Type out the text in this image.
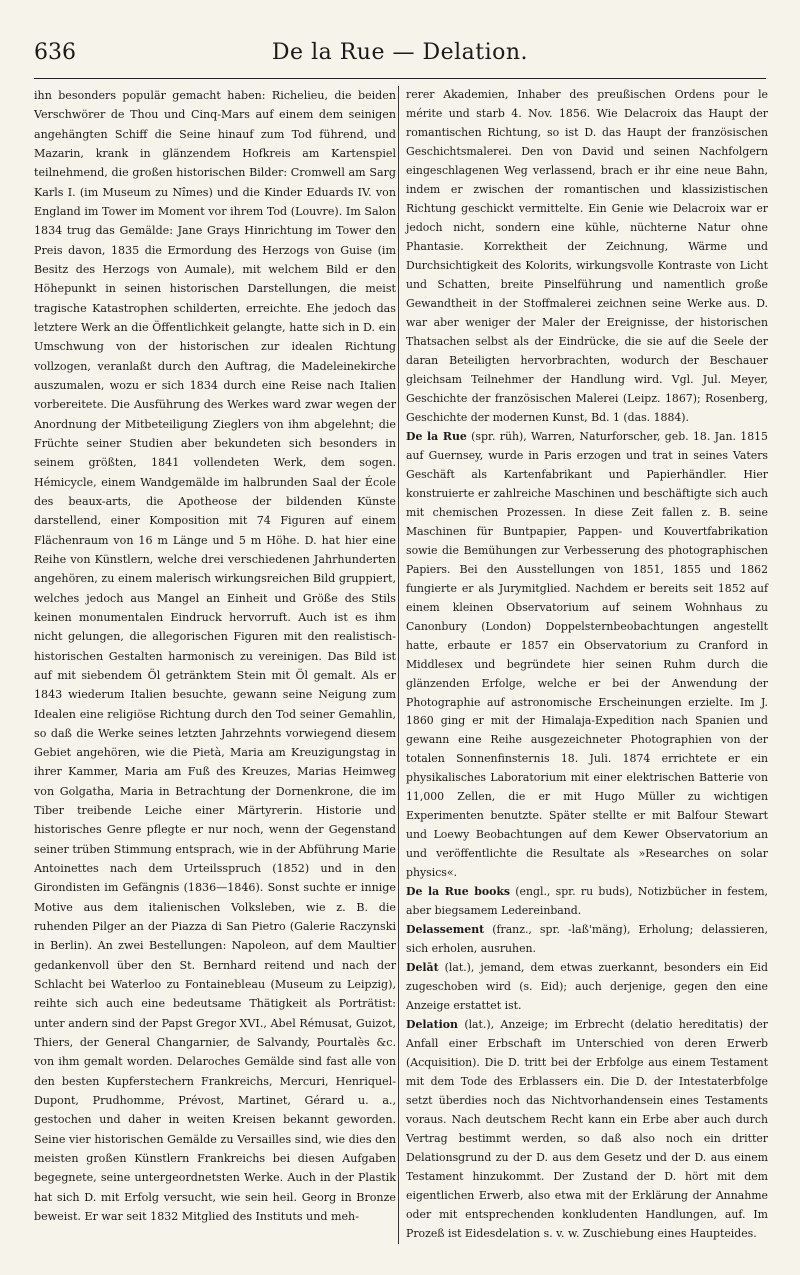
636	De la Rue — Delation.

ihn besonders populär gemacht haben: Richelieu, die beiden Verschwörer de Thou und Cinq-Mars auf einem dem seinigen angehängten Schiff die Seine hinauf zum Tod führend, und Mazarin, krank in glänzendem Hofkreis am Kartenspiel teilnehmend, die großen historischen Bilder: Cromwell am Sarg Karls I. (im Museum zu Nîmes) und die Kinder Eduards IV. von England im Tower im Moment vor ihrem Tod (Louvre). Im Salon 1834 trug das Gemälde: Jane Grays Hinrichtung im Tower den Preis davon, 1835 die Ermordung des Herzogs von Guise (im Besitz des Herzogs von Aumale), mit welchem Bild er den Höhepunkt in seinen historischen Darstellungen, die meist tragische Katastrophen schilderten, erreichte. Ehe jedoch das letztere Werk an die Öffentlichkeit gelangte, hatte sich in D. ein Umschwung von der historischen zur idealen Richtung vollzogen, veranlaßt durch den Auftrag, die Madeleinekirche auszumalen, wozu er sich 1834 durch eine Reise nach Italien vorbereitete. Die Ausführung des Werkes ward zwar wegen der Anordnung der Mitbeteiligung Zieglers von ihm abgelehnt; die Früchte seiner Studien aber bekundeten sich besonders in seinem größten, 1841 vollendeten Werk, dem sogen. Hémicycle, einem Wandgemälde im halbrunden Saal der École des beaux-arts, die Apotheose der bildenden Künste darstellend, einer Komposition mit 74 Figuren auf einem Flächenraum von 16 m Länge und 5 m Höhe. D. hat hier eine Reihe von Künstlern, welche drei verschiedenen Jahrhunderten angehören, zu einem malerisch wirkungsreichen Bild gruppiert, welches jedoch aus Mangel an Einheit und Größe des Stils keinen monumentalen Eindruck hervorruft. Auch ist es ihm nicht gelungen, die allegorischen Figuren mit den realistisch-historischen Gestalten harmonisch zu vereinigen. Das Bild ist auf mit siebendem Öl getränktem Stein mit Öl gemalt. Als er 1843 wiederum Italien besuchte, gewann seine Neigung zum Idealen eine religiöse Richtung durch den Tod seiner Gemahlin, so daß die Werke seines letzten Jahrzehnts vorwiegend diesem Gebiet angehören, wie die Pietà, Maria am Kreuzigungstag in ihrer Kammer, Maria am Fuß des Kreuzes, Marias Heimweg von Golgatha, Maria in Betrachtung der Dornenkrone, die im Tiber treibende Leiche einer Märtyrerin. Historie und historisches Genre pflegte er nur noch, wenn der Gegenstand seiner trüben Stimmung entsprach, wie in der Abführung Marie Antoinettes nach dem Urteilsspruch (1852) und in den Girondisten im Gefängnis (1836—1846). Sonst suchte er innige Motive aus dem italienischen Volksleben, wie z. B. die ruhenden Pilger an der Piazza di San Pietro (Galerie Raczynski in Berlin). An zwei Bestellungen: Napoleon, auf dem Maultier gedankenvoll über den St. Bernhard reitend und nach der Schlacht bei Waterloo zu Fontainebleau (Museum zu Leipzig), reihte sich auch eine bedeutsame Thätigkeit als Porträtist: unter andern sind der Papst Gregor XVI., Abel Rémusat, Guizot, Thiers, der General Changarnier, de Salvandy, Pourtalès &c. von ihm gemalt worden. Delaroches Gemälde sind fast alle von den besten Kupferstechern Frankreichs, Mercuri, Henriquel-Dupont, Prudhomme, Prévost, Martinet, Gérard u. a., gestochen und daher in weiten Kreisen bekannt geworden. Seine vier historischen Gemälde zu Versailles sind, wie dies den meisten großen Künstlern Frankreichs bei diesen Aufgaben begegnete, seine untergeordnetsten Werke. Auch in der Plastik hat sich D. mit Erfolg versucht, wie sein heil. Georg in Bronze beweist. Er war seit 1832 Mitglied des Instituts und meh-

rerer Akademien, Inhaber des preußischen Ordens pour le mérite und starb 4. Nov. 1856. Wie Delacroix das Haupt der romantischen Richtung, so ist D. das Haupt der französischen Geschichtsmalerei. Den von David und seinen Nachfolgern eingeschlagenen Weg verlassend, brach er ihr eine neue Bahn, indem er zwischen der romantischen und klassizistischen Richtung geschickt vermittelte. Ein Genie wie Delacroix war er jedoch nicht, sondern eine kühle, nüchterne Natur ohne Phantasie. Korrektheit der Zeichnung, Wärme und Durchsichtigkeit des Kolorits, wirkungsvolle Kontraste von Licht und Schatten, breite Pinselführung und namentlich große Gewandtheit in der Stoffmalerei zeichnen seine Werke aus. D. war aber weniger der Maler der Ereignisse, der historischen Thatsachen selbst als der Eindrücke, die sie auf die Seele der daran Beteiligten hervorbrachten, wodurch der Beschauer gleichsam Teilnehmer der Handlung wird. Vgl. Jul. Meyer, Geschichte der französischen Malerei (Leipz. 1867); Rosenberg, Geschichte der modernen Kunst, Bd. 1 (das. 1884).

De la Rue (spr. rüh), Warren, Naturforscher, geb. 18. Jan. 1815 auf Guernsey, wurde in Paris erzogen und trat in seines Vaters Geschäft als Kartenfabrikant und Papierhändler. Hier konstruierte er zahlreiche Maschinen und beschäftigte sich auch mit chemischen Prozessen. In diese Zeit fallen z. B. seine Maschinen für Buntpapier, Pappen- und Kouvertfabrikation sowie die Bemühungen zur Verbesserung des photographischen Papiers. Bei den Ausstellungen von 1851, 1855 und 1862 fungierte er als Jurymitglied. Nachdem er bereits seit 1852 auf einem kleinen Observatorium auf seinem Wohnhaus zu Canonbury (London) Doppelsternbeobachtungen angestellt hatte, erbaute er 1857 ein Observatorium zu Cranford in Middlesex und begründete hier seinen Ruhm durch die glänzenden Erfolge, welche er bei der Anwendung der Photographie auf astronomische Erscheinungen erzielte. Im J. 1860 ging er mit der Himalaja-Expedition nach Spanien und gewann eine Reihe ausgezeichneter Photographien von der totalen Sonnenfinsternis 18. Juli. 1874 errichtete er ein physikalisches Laboratorium mit einer elektrischen Batterie von 11,000 Zellen, die er mit Hugo Müller zu wichtigen Experimenten benutzte. Später stellte er mit Balfour Stewart und Loewy Beobachtungen auf dem Kewer Observatorium an und veröffentlichte die Resultate als »Researches on solar physics«.

De la Rue books (engl., spr. ru buds), Notizbücher in festem, aber biegsamem Ledereinband.

Delassement (franz., spr. -laß'mäng), Erholung; delassieren, sich erholen, ausruhen.

Delāt (lat.), jemand, dem etwas zuerkannt, besonders ein Eid zugeschoben wird (s. Eid); auch derjenige, gegen den eine Anzeige erstattet ist.

Delation (lat.), Anzeige; im Erbrecht (delatio hereditatis) der Anfall einer Erbschaft im Unterschied von deren Erwerb (Acquisition). Die D. tritt bei der Erbfolge aus einem Testament mit dem Tode des Erblassers ein. Die D. der Intestaterbfolge setzt überdies noch das Nichtvorhandensein eines Testaments voraus. Nach deutschem Recht kann ein Erbe aber auch durch Vertrag bestimmt werden, so daß also noch ein dritter Delationsgrund zu der D. aus dem Gesetz und der D. aus einem Testament hinzukommt. Der Zustand der D. hört mit dem eigentlichen Erwerb, also etwa mit der Erklärung der Annahme oder mit entsprechenden konkludenten Handlungen, auf. Im Prozeß ist Eidesdelation s. v. w. Zuschiebung eines Haupteides.
